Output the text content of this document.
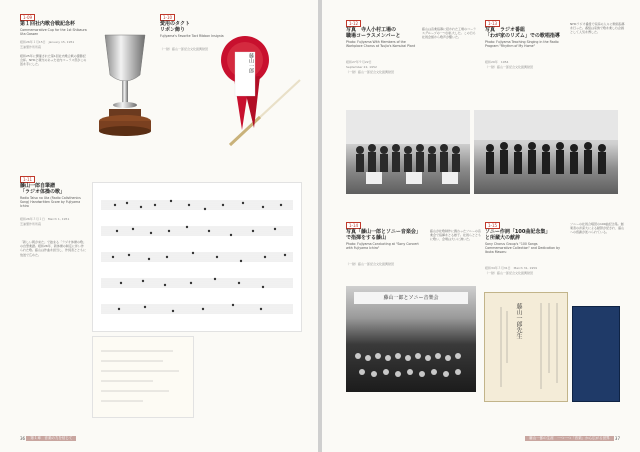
1-09
第１回社内歌合戦記念杯
Commemorative Cup for the 1st Shibaura Uta Gassen
昭和26年１月15日　January 15, 1951
芝浦製作所所蔵
昭和25年に開催された第1回社内歌合戦の優勝記念杯。NHKと親交のあった社内コーラス部がこの賞を手にした。
1-10
愛用のタクト
リボン飾り
Fujiyama's Favorite Tact Ribbon Insignia
（一財）藤山一郎記念文化振興財団
藤山一郎
1-11
藤山一郎自筆譜
「ラジオ体操の歌」
Radio Taiso no Uta (Radio Calisthenics Song) Handwritten Score by Fujiyama Ichiro
昭和26年３月１日　March 1, 1951
芝浦製作所所蔵
「新しい朝が来た」で始まる「ラジオ体操の歌」の自筆楽譜。昭和26年、新体操の制定に伴い作られた歌。藤山は作曲を担当し、作詞者とともに放送で広めた。
36 第１章　音楽の力を信じて
1-12
写真　寺人小村工場の
職場コーラスメンバーと
Photo: Fujiyama With Members of the Workplace Chorus at Tsujio's Komukai Plant
昭和27年９月22日
September 22, 1952
（一財）藤山一郎記念文化振興財団
藤山は音楽指導に招かれた工場のコーラスグループの一つが拡大した。この日も社員会館から歌声が響いた。
1-13
写真　ラジオ番組
「わが家のリズム」での歌唱指導
Photo: Fujiyama Teaching Singing in the Radio Program "Rhythm of My Home"
昭和29年　1954
（一財）藤山一郎記念文化振興財団
NHKラジオ番組で家庭の人々に歌唱指導を行った。番組は家族で歌を楽しむ企画として人気を博した。
1-14
写真「藤山一郎とソニー音楽会」
で指揮をする藤山
Photo: Fujiyama Conducting at "Sony Concert with Fujiyama Ichiro"
（一財）藤山一郎記念文化振興財団
藤山が社歌制作に携わったソニーの音楽会で指揮をとる様子。社員らとともに歌い、会場は大いに沸いた。
1-15
ソニー作詞「100曲記念集」
と所蔵大の献辞
Sony Chorus Group's "100 Songs Commemorative Collection" and Dedication by Ibuka Masaru
昭和34年３月31日　March 31, 1959
（一財）藤山一郎記念文化振興財団
ソニーの社員合唱団の100曲記念集。創業者の井深大による献辞が記され、藤山への感謝が述べられている。
藤山一郎とソニー音楽会
藤山一郎先生
藤山一郎の生涯　一つ一つ「音楽」から広がる世界 37
